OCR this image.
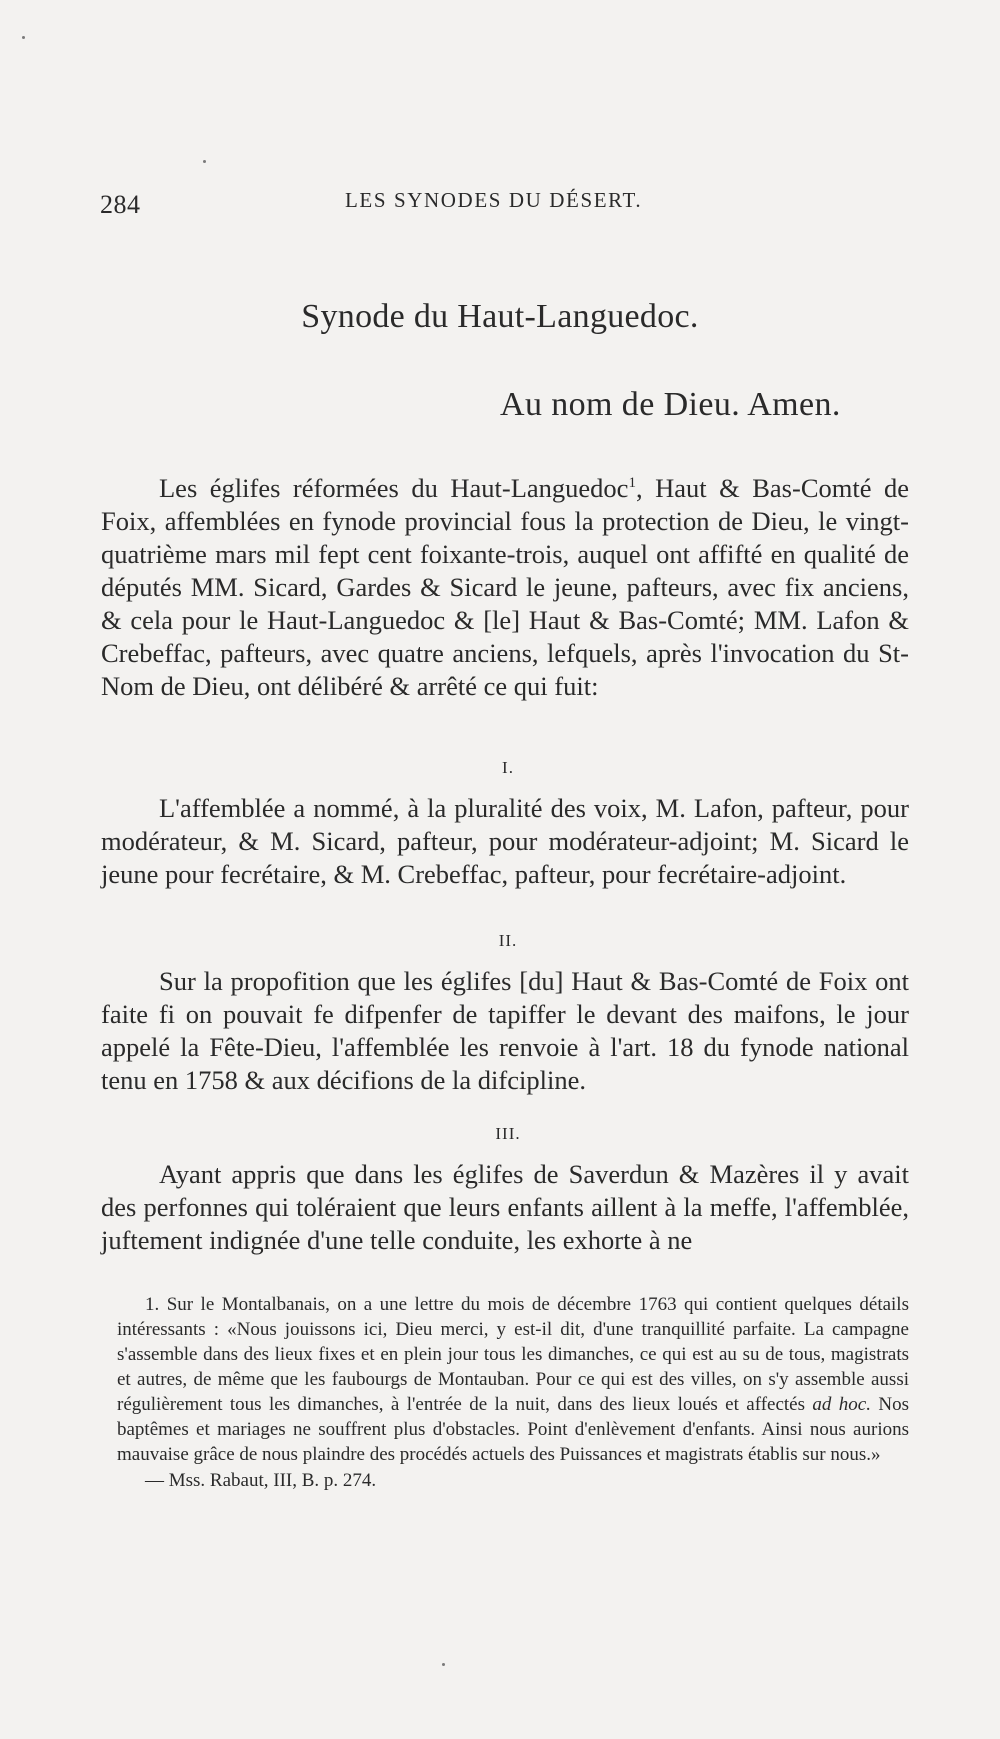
284	LES SYNODES DU DÉSERT.
Synode du Haut-Languedoc.
Au nom de Dieu. Amen.

Les églifes réformées du Haut-Languedoc$^1$, Haut & Bas-Comté de Foix, affemblées en fynode provincial fous la protection de Dieu, le vingt-quatrième mars mil fept cent foixante-trois, auquel ont affifté en qualité de députés MM. Sicard, Gardes & Sicard le jeune, pafteurs, avec fix anciens, & cela pour le Haut-Languedoc & [le] Haut & Bas-Comté; MM. Lafon & Crebeffac, pafteurs, avec quatre anciens, lefquels, après l'invocation du St-Nom de Dieu, ont délibéré & arrêté ce qui fuit:

I.

L'affemblée a nommé, à la pluralité des voix, M. Lafon, pafteur, pour modérateur, & M. Sicard, pafteur, pour modérateur-adjoint; M. Sicard le jeune pour fecrétaire, & M. Crebeffac, pafteur, pour fecrétaire-adjoint.

II.

Sur la propofition que les églifes [du] Haut & Bas-Comté de Foix ont faite fi on pouvait fe difpenfer de tapiffer le devant des maifons, le jour appelé la Fête-Dieu, l'affemblée les renvoie à l'art. 18 du fynode national tenu en 1758 & aux décifions de la difcipline.

III.

Ayant appris que dans les églifes de Saverdun & Mazères il y avait des perfonnes qui toléraient que leurs enfants aillent à la meffe, l'affemblée, juftement indignée d'une telle conduite, les exhorte à ne

1. Sur le Montalbanais, on a une lettre du mois de décembre 1763 qui contient quelques détails intéressants : «Nous jouissons ici, Dieu merci, y est-il dit, d'une tranquillité parfaite. La campagne s'assemble dans des lieux fixes et en plein jour tous les dimanches, ce qui est au su de tous, magistrats et autres, de même que les faubourgs de Montauban. Pour ce qui est des villes, on s'y assemble aussi régulièrement tous les dimanches, à l'entrée de la nuit, dans des lieux loués et affectés ad hoc. Nos baptêmes et mariages ne souffrent plus d'obstacles. Point d'enlèvement d'enfants. Ainsi nous aurions mauvaise grâce de nous plaindre des procédés actuels des Puissances et magistrats établis sur nous.»

— Mss. Rabaut, III, B. p. 274.
